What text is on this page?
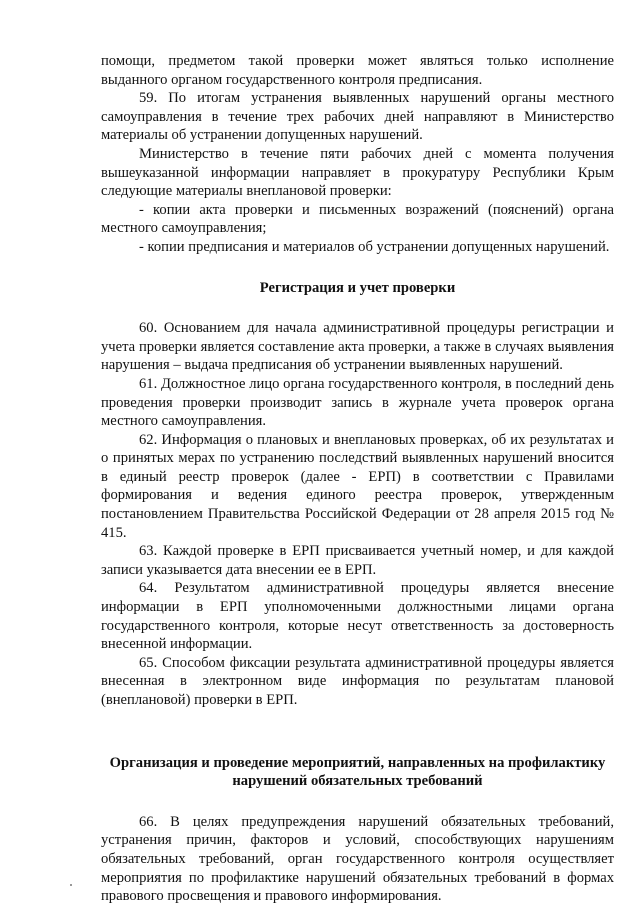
помощи, предметом такой проверки может являться только исполнение выданного органом государственного контроля предписания.

59. По итогам устранения выявленных нарушений органы местного самоуправления в течение трех рабочих дней направляют в Министерство материалы об устранении допущенных нарушений.

Министерство в течение пяти рабочих дней с момента получения вышеуказанной информации направляет в прокуратуру Республики Крым следующие материалы внеплановой проверки:

- копии акта проверки и письменных возражений (пояснений) органа местного самоуправления;

- копии предписания и материалов об устранении допущенных нарушений.

Регистрация и учет проверки

60. Основанием для начала административной процедуры регистрации и учета проверки является составление акта проверки, а также в случаях выявления нарушения – выдача предписания об устранении выявленных нарушений.

61. Должностное лицо органа государственного контроля, в последний день проведения проверки производит запись в журнале учета проверок органа местного самоуправления.

62. Информация о плановых и внеплановых проверках, об их результатах и о принятых мерах по устранению последствий выявленных нарушений вносится в единый реестр проверок (далее - ЕРП) в соответствии с Правилами формирования и ведения единого реестра проверок, утвержденным постановлением Правительства Российской Федерации от 28 апреля 2015 год № 415.

63. Каждой проверке в ЕРП присваивается учетный номер, и для каждой записи указывается дата внесении ее в ЕРП.

64. Результатом административной процедуры является внесение информации в ЕРП уполномоченными должностными лицами органа государственного контроля, которые несут ответственность за достоверность внесенной информации.

65. Способом фиксации результата административной процедуры является внесенная в электронном виде информация по результатам плановой (внеплановой) проверки в ЕРП.

Организация и проведение мероприятий, направленных на профилактику нарушений обязательных требований

66. В целях предупреждения нарушений обязательных требований, устранения причин, факторов и условий, способствующих нарушениям обязательных требований, орган государственного контроля осуществляет мероприятия по профилактике нарушений обязательных требований в формах правового просвещения и правового информирования.
